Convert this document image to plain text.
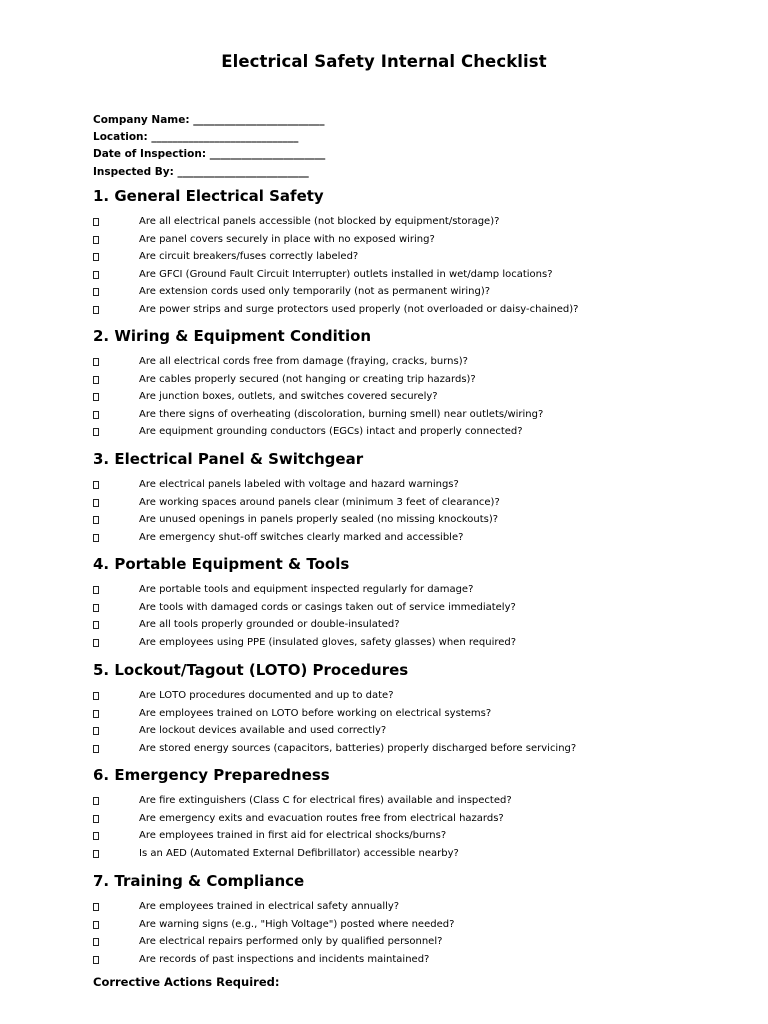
Electrical Safety Internal Checklist
Company Name: _________________________
Location: ____________________________
Date of Inspection: ______________________
Inspected By: _________________________
1. General Electrical Safety
Are all electrical panels accessible (not blocked by equipment/storage)?
Are panel covers securely in place with no exposed wiring?
Are circuit breakers/fuses correctly labeled?
Are GFCI (Ground Fault Circuit Interrupter) outlets installed in wet/damp locations?
Are extension cords used only temporarily (not as permanent wiring)?
Are power strips and surge protectors used properly (not overloaded or daisy-chained)?
2. Wiring & Equipment Condition
Are all electrical cords free from damage (fraying, cracks, burns)?
Are cables properly secured (not hanging or creating trip hazards)?
Are junction boxes, outlets, and switches covered securely?
Are there signs of overheating (discoloration, burning smell) near outlets/wiring?
Are equipment grounding conductors (EGCs) intact and properly connected?
3. Electrical Panel & Switchgear
Are electrical panels labeled with voltage and hazard warnings?
Are working spaces around panels clear (minimum 3 feet of clearance)?
Are unused openings in panels properly sealed (no missing knockouts)?
Are emergency shut-off switches clearly marked and accessible?
4. Portable Equipment & Tools
Are portable tools and equipment inspected regularly for damage?
Are tools with damaged cords or casings taken out of service immediately?
Are all tools properly grounded or double-insulated?
Are employees using PPE (insulated gloves, safety glasses) when required?
5. Lockout/Tagout (LOTO) Procedures
Are LOTO procedures documented and up to date?
Are employees trained on LOTO before working on electrical systems?
Are lockout devices available and used correctly?
Are stored energy sources (capacitors, batteries) properly discharged before servicing?
6. Emergency Preparedness
Are fire extinguishers (Class C for electrical fires) available and inspected?
Are emergency exits and evacuation routes free from electrical hazards?
Are employees trained in first aid for electrical shocks/burns?
Is an AED (Automated External Defibrillator) accessible nearby?
7. Training & Compliance
Are employees trained in electrical safety annually?
Are warning signs (e.g., "High Voltage") posted where needed?
Are electrical repairs performed only by qualified personnel?
Are records of past inspections and incidents maintained?
Corrective Actions Required:
